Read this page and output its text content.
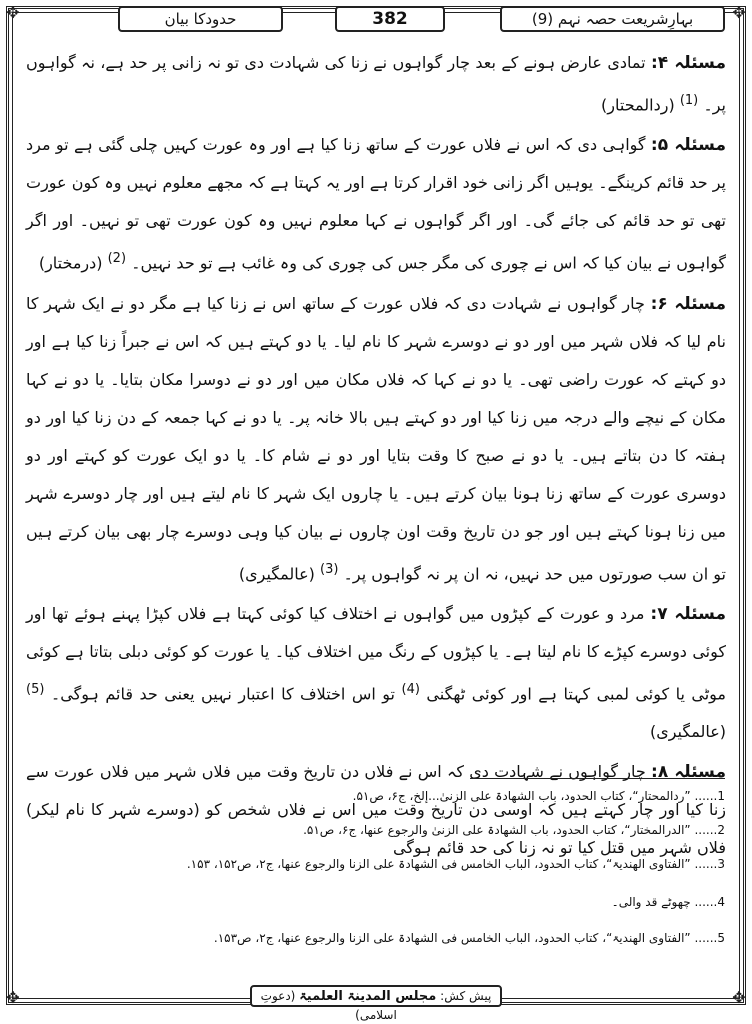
✥	✥
✥	✥
بہارِشریعت حصہ نہم (9)
382
حدودکا بیان

مسئلہ ۴: تمادی عارض ہونے کے بعد چار گواہوں نے زنا کی شہادت دی تو نہ زانی پر حد ہے، نہ گواہوں پر۔ $^{(1)}$ (ردالمحتار)

مسئلہ ۵: گواہی دی کہ اس نے فلاں عورت کے ساتھ زنا کیا ہے اور وہ عورت کہیں چلی گئی ہے تو مرد پر حد قائم کرینگے۔ یوہیں اگر زانی خود اقرار کرتا ہے اور یہ کہتا ہے کہ مجھے معلوم نہیں وہ کون عورت تھی تو حد قائم کی جائے گی۔ اور اگر گواہوں نے کہا معلوم نہیں وہ کون عورت تھی تو نہیں۔ اور اگر گواہوں نے بیان کیا کہ اس نے چوری کی مگر جس کی چوری کی وہ غائب ہے تو حد نہیں۔ $^{(2)}$ (درمختار)

مسئلہ ۶: چار گواہوں نے شہادت دی کہ فلاں عورت کے ساتھ اس نے زنا کیا ہے مگر دو نے ایک شہر کا نام لیا کہ فلاں شہر میں اور دو نے دوسرے شہر کا نام لیا۔ یا دو کہتے ہیں کہ اس نے جبراً زنا کیا ہے اور دو کہتے کہ عورت راضی تھی۔ یا دو نے کہا کہ فلاں مکان میں اور دو نے دوسرا مکان بتایا۔ یا دو نے کہا مکان کے نیچے والے درجہ میں زنا کیا اور دو کہتے ہیں بالا خانہ پر۔ یا دو نے کہا جمعہ کے دن زنا کیا اور دو ہفتہ کا دن بتاتے ہیں۔ یا دو نے صبح کا وقت بتایا اور دو نے شام کا۔ یا دو ایک عورت کو کہتے اور دو دوسری عورت کے ساتھ زنا ہونا بیان کرتے ہیں۔ یا چاروں ایک شہر کا نام لیتے ہیں اور چار دوسرے شہر میں زنا ہونا کہتے ہیں اور جو دن تاریخ وقت اون چاروں نے بیان کیا وہی دوسرے چار بھی بیان کرتے ہیں تو ان سب صورتوں میں حد نہیں، نہ ان پر نہ گواہوں پر۔ $^{(3)}$ (عالمگیری)

مسئلہ ۷: مرد و عورت کے کپڑوں میں گواہوں نے اختلاف کیا کوئی کہتا ہے فلاں کپڑا پہنے ہوئے تھا اور کوئی دوسرے کپڑے کا نام لیتا ہے۔ یا کپڑوں کے رنگ میں اختلاف کیا۔ یا عورت کو کوئی دبلی بتاتا ہے کوئی موٹی یا کوئی لمبی کہتا ہے اور کوئی ٹھگنی $^{(4)}$ تو اس اختلاف کا اعتبار نہیں یعنی حد قائم ہوگی۔ $^{(5)}$ (عالمگیری)

مسئلہ ۸: چار گواہوں نے شہادت دی کہ اس نے فلاں دن تاریخ وقت میں فلاں شہر میں فلاں عورت سے زنا کیا اور چار کہتے ہیں کہ اوسی دن تاریخ وقت میں اس نے فلاں شخص کو (دوسرے شہر کا نام لیکر) فلاں شہر میں قتل کیا تو نہ زنا کی حد قائم ہوگی

1...... ”ردالمحتار“، کتاب الحدود، باب الشھادۃ علی الزنیٰ...إلخ، ج۶، ص۵۱.
2...... ”الدرالمختار“، کتاب الحدود، باب الشھادۃ علی الزنیٰ والرجوع عنھا، ج۶، ص۵۱.
3...... ”الفتاوی الھندیۃ“، کتاب الحدود، الباب الخامس فی الشھادۃ علی الزنا والرجوع عنھا، ج۲، ص۱۵۲، ۱۵۳.
4...... چھوٹے قد والی۔
5...... ”الفتاوی الھندیۃ“، کتاب الحدود، الباب الخامس فی الشھادۃ علی الزنا والرجوع عنھا، ج۲، ص۱۵۳.
پیش کش: مجلس المدینۃ العلمیۃ (دعوتِ اسلامی)
